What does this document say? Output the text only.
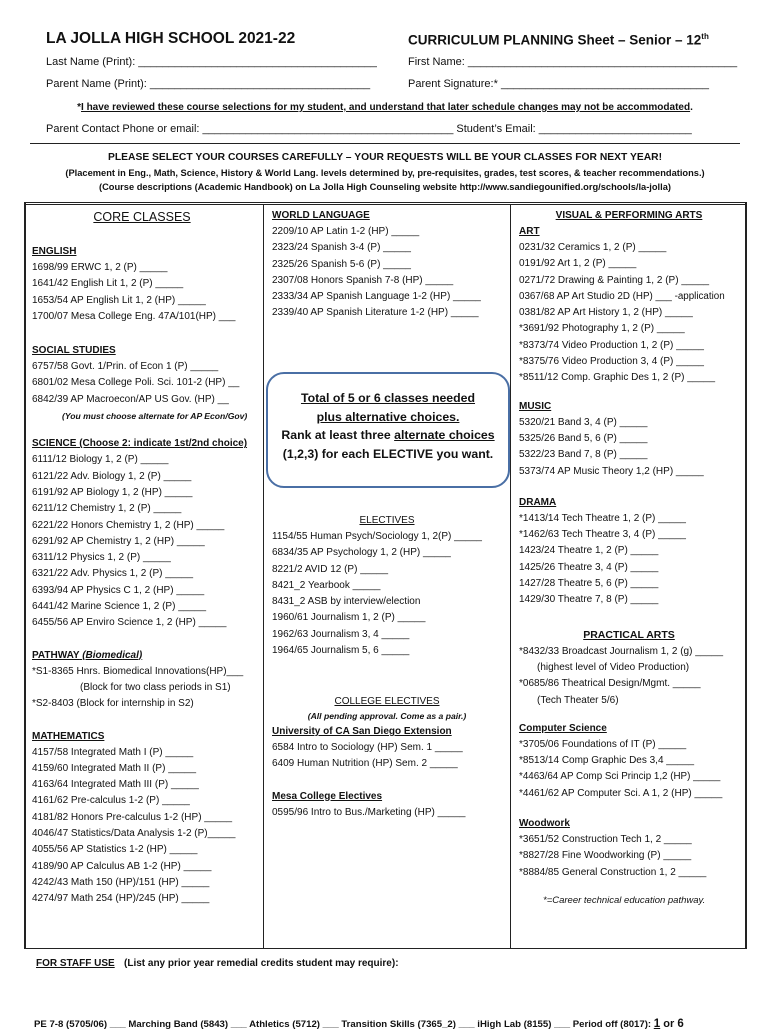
LA JOLLA HIGH SCHOOL 2021-22	CURRICULUM PLANNING Sheet – Senior – 12th
Last Name (Print): _______________________________________	First Name: ____________________________________________
Parent Name (Print): ____________________________________	Parent Signature:* __________________________________
*I have reviewed these course selections for my student, and understand that later schedule changes may not be accommodated.
Parent Contact Phone or email: _________________________________________ Student’s Email: _________________________
PLEASE SELECT YOUR COURSES CAREFULLY – YOUR REQUESTS WILL BE YOUR CLASSES FOR NEXT YEAR!
(Placement in Eng., Math, Science, History & World Lang. levels determined by, pre-requisites, grades, test scores, & teacher recommendations.)
(Course descriptions (Academic Handbook) on La Jolla High Counseling website http://www.sandiegounified.org/schools/la-jolla)
CORE CLASSES
ENGLISH
1698/99 ERWC 1, 2 (P) _____
1641/42 English Lit 1, 2 (P) _____
1653/54 AP English Lit 1, 2 (HP) _____
1700/07 Mesa College Eng. 47A/101(HP) ___
SOCIAL STUDIES
6757/58 Govt. 1/Prin. of Econ 1 (P) _____
6801/02 Mesa College Poli. Sci. 101-2 (HP) __
6842/39 AP Macroecon/AP US Gov. (HP) __
(You must choose alternate for AP Econ/Gov)
SCIENCE (Choose 2: indicate 1st/2nd choice)
6111/12 Biology 1, 2 (P) _____
6121/22 Adv. Biology 1, 2 (P) _____
6191/92 AP Biology 1, 2 (HP) _____
6211/12 Chemistry 1, 2 (P) _____
6221/22 Honors Chemistry 1, 2 (HP) _____
6291/92 AP Chemistry 1, 2 (HP) _____
6311/12 Physics 1, 2 (P) _____
6321/22 Adv. Physics 1, 2 (P) _____
6393/94 AP Physics C 1, 2 (HP) _____
6441/42 Marine Science 1, 2 (P) _____
6455/56 AP Enviro Science 1, 2 (HP) _____
PATHWAY (Biomedical)
*S1-8365 Hnrs. Biomedical Innovations(HP)___
(Block for two class periods in S1)
*S2-8403 (Block for internship in S2)
MATHEMATICS
4157/58 Integrated Math I (P) _____
4159/60 Integrated Math II (P) _____
4163/64 Integrated Math III (P) _____
4161/62 Pre-calculus 1-2 (P) _____
4181/82 Honors Pre-calculus 1-2 (HP) _____
4046/47 Statistics/Data Analysis 1-2 (P)_____
4055/56 AP Statistics 1-2 (HP) _____
4189/90 AP Calculus AB 1-2 (HP) _____
4242/43 Math 150 (HP)/151 (HP) _____
4274/97 Math 254 (HP)/245 (HP) _____
WORLD LANGUAGE
2209/10 AP Latin 1-2 (HP) _____
2323/24 Spanish 3-4 (P) _____
2325/26 Spanish 5-6 (P) _____
2307/08 Honors Spanish 7-8 (HP) _____
2333/34 AP Spanish Language 1-2 (HP) _____
2339/40 AP Spanish Literature 1-2 (HP) _____
Total of 5 or 6 classes needed
plus alternative choices.
Rank at least three alternate choices
(1,2,3) for each ELECTIVE you want.
ELECTIVES
1154/55 Human Psych/Sociology 1, 2(P) _____
6834/35 AP Psychology 1, 2 (HP) _____
8221/2 AVID 12 (P) _____
8421_2 Yearbook _____
8431_2 ASB by interview/election
1960/61 Journalism 1, 2 (P) _____
1962/63 Journalism 3, 4 _____
1964/65 Journalism 5, 6 _____
COLLEGE ELECTIVES
(All pending approval. Come as a pair.)
University of CA San Diego Extension
6584 Intro to Sociology (HP) Sem. 1 _____
6409 Human Nutrition (HP) Sem. 2 _____
Mesa College Electives
0595/96 Intro to Bus./Marketing (HP) _____
VISUAL & PERFORMING ARTS
ART
0231/32 Ceramics 1, 2 (P) _____
0191/92 Art 1, 2 (P) _____
0271/72 Drawing & Painting 1, 2 (P) _____
0367/68 AP Art Studio 2D (HP) ___ -application
0381/82 AP Art History 1, 2 (HP) _____
*3691/92 Photography 1, 2 (P) _____
*8373/74 Video Production 1, 2 (P) _____
*8375/76 Video Production 3, 4 (P) _____
*8511/12 Comp. Graphic Des 1, 2 (P) _____
MUSIC
5320/21 Band 3, 4 (P) _____
5325/26 Band 5, 6 (P) _____
5322/23 Band 7, 8 (P) _____
5373/74 AP Music Theory 1,2 (HP) _____
DRAMA
*1413/14 Tech Theatre 1, 2 (P) _____
*1462/63 Tech Theatre 3, 4 (P) _____
1423/24 Theatre 1, 2 (P) _____
1425/26 Theatre 3, 4 (P) _____
1427/28 Theatre 5, 6 (P) _____
1429/30 Theatre 7, 8 (P) _____
PRACTICAL ARTS
*8432/33 Broadcast Journalism 1, 2 (g) _____
(highest level of Video Production)
*0685/86 Theatrical Design/Mgmt. _____
(Tech Theater 5/6)
Computer Science
*3705/06 Foundations of IT (P) _____
*8513/14 Comp Graphic Des 3,4 _____
*4463/64 AP Comp Sci Princip 1,2 (HP) _____
*4461/62 AP Computer Sci. A 1, 2 (HP) _____
Woodwork
*3651/52 Construction Tech 1, 2 _____
*8827/28 Fine Woodworking (P) _____
*8884/85 General Construction 1, 2 _____
*=Career technical education pathway.
FOR STAFF USE (List any prior year remedial credits student may require):
PE 7-8 (5705/06) ___ Marching Band (5843) ___ Athletics (5712) ___ Transition Skills (7365_2) ___ iHigh Lab (8155) ___ Period off (8017): 1 or 6
